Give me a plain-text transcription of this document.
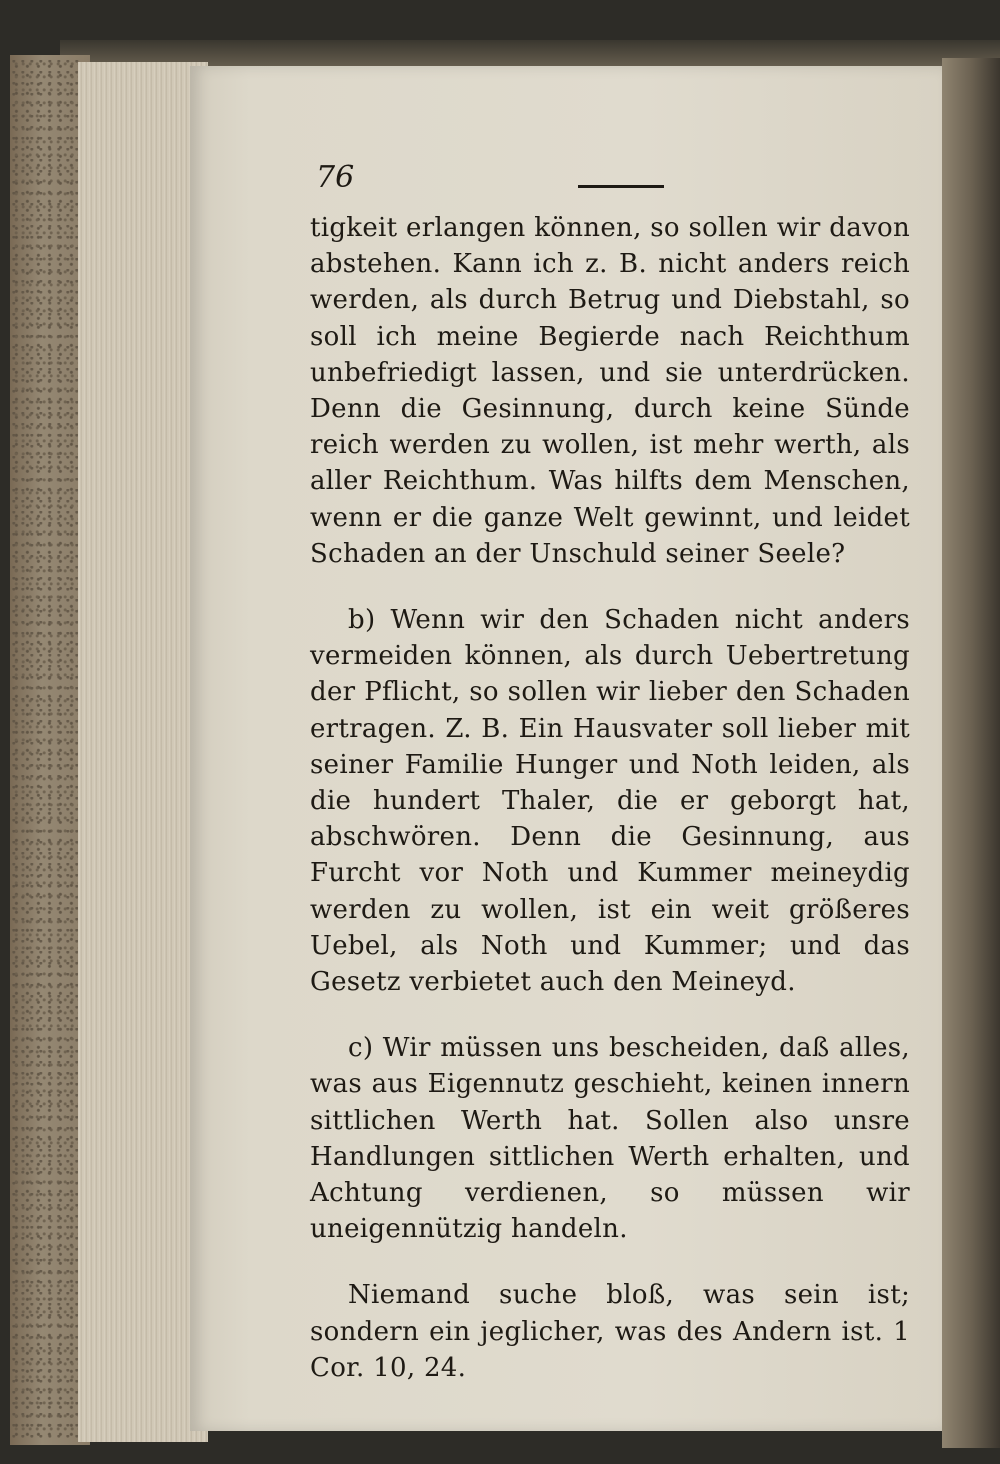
76

tigkeit erlangen können, so sollen wir davon abstehen. Kann ich z. B. nicht anders reich werden, als durch Betrug und Diebstahl, so soll ich meine Begierde nach Reichthum unbefriedigt lassen, und sie unterdrücken. Denn die Gesinnung, durch keine Sünde reich werden zu wollen, ist mehr werth, als aller Reichthum. Was hilfts dem Menschen, wenn er die ganze Welt gewinnt, und leidet Schaden an der Unschuld seiner Seele?

b) Wenn wir den Schaden nicht anders vermeiden können, als durch Uebertretung der Pflicht, so sollen wir lieber den Schaden ertragen. Z. B. Ein Hausvater soll lieber mit seiner Familie Hunger und Noth leiden, als die hundert Thaler, die er geborgt hat, abschwören. Denn die Gesinnung, aus Furcht vor Noth und Kummer meineydig werden zu wollen, ist ein weit größeres Uebel, als Noth und Kummer; und das Gesetz verbietet auch den Meineyd.

c) Wir müssen uns bescheiden, daß alles, was aus Eigennutz geschieht, keinen innern sittlichen Werth hat. Sollen also unsre Handlungen sittlichen Werth erhalten, und Achtung verdienen, so müssen wir uneigennützig handeln.

Niemand suche bloß, was sein ist; sondern ein jeglicher, was des Andern ist. 1 Cor. 10, 24.
